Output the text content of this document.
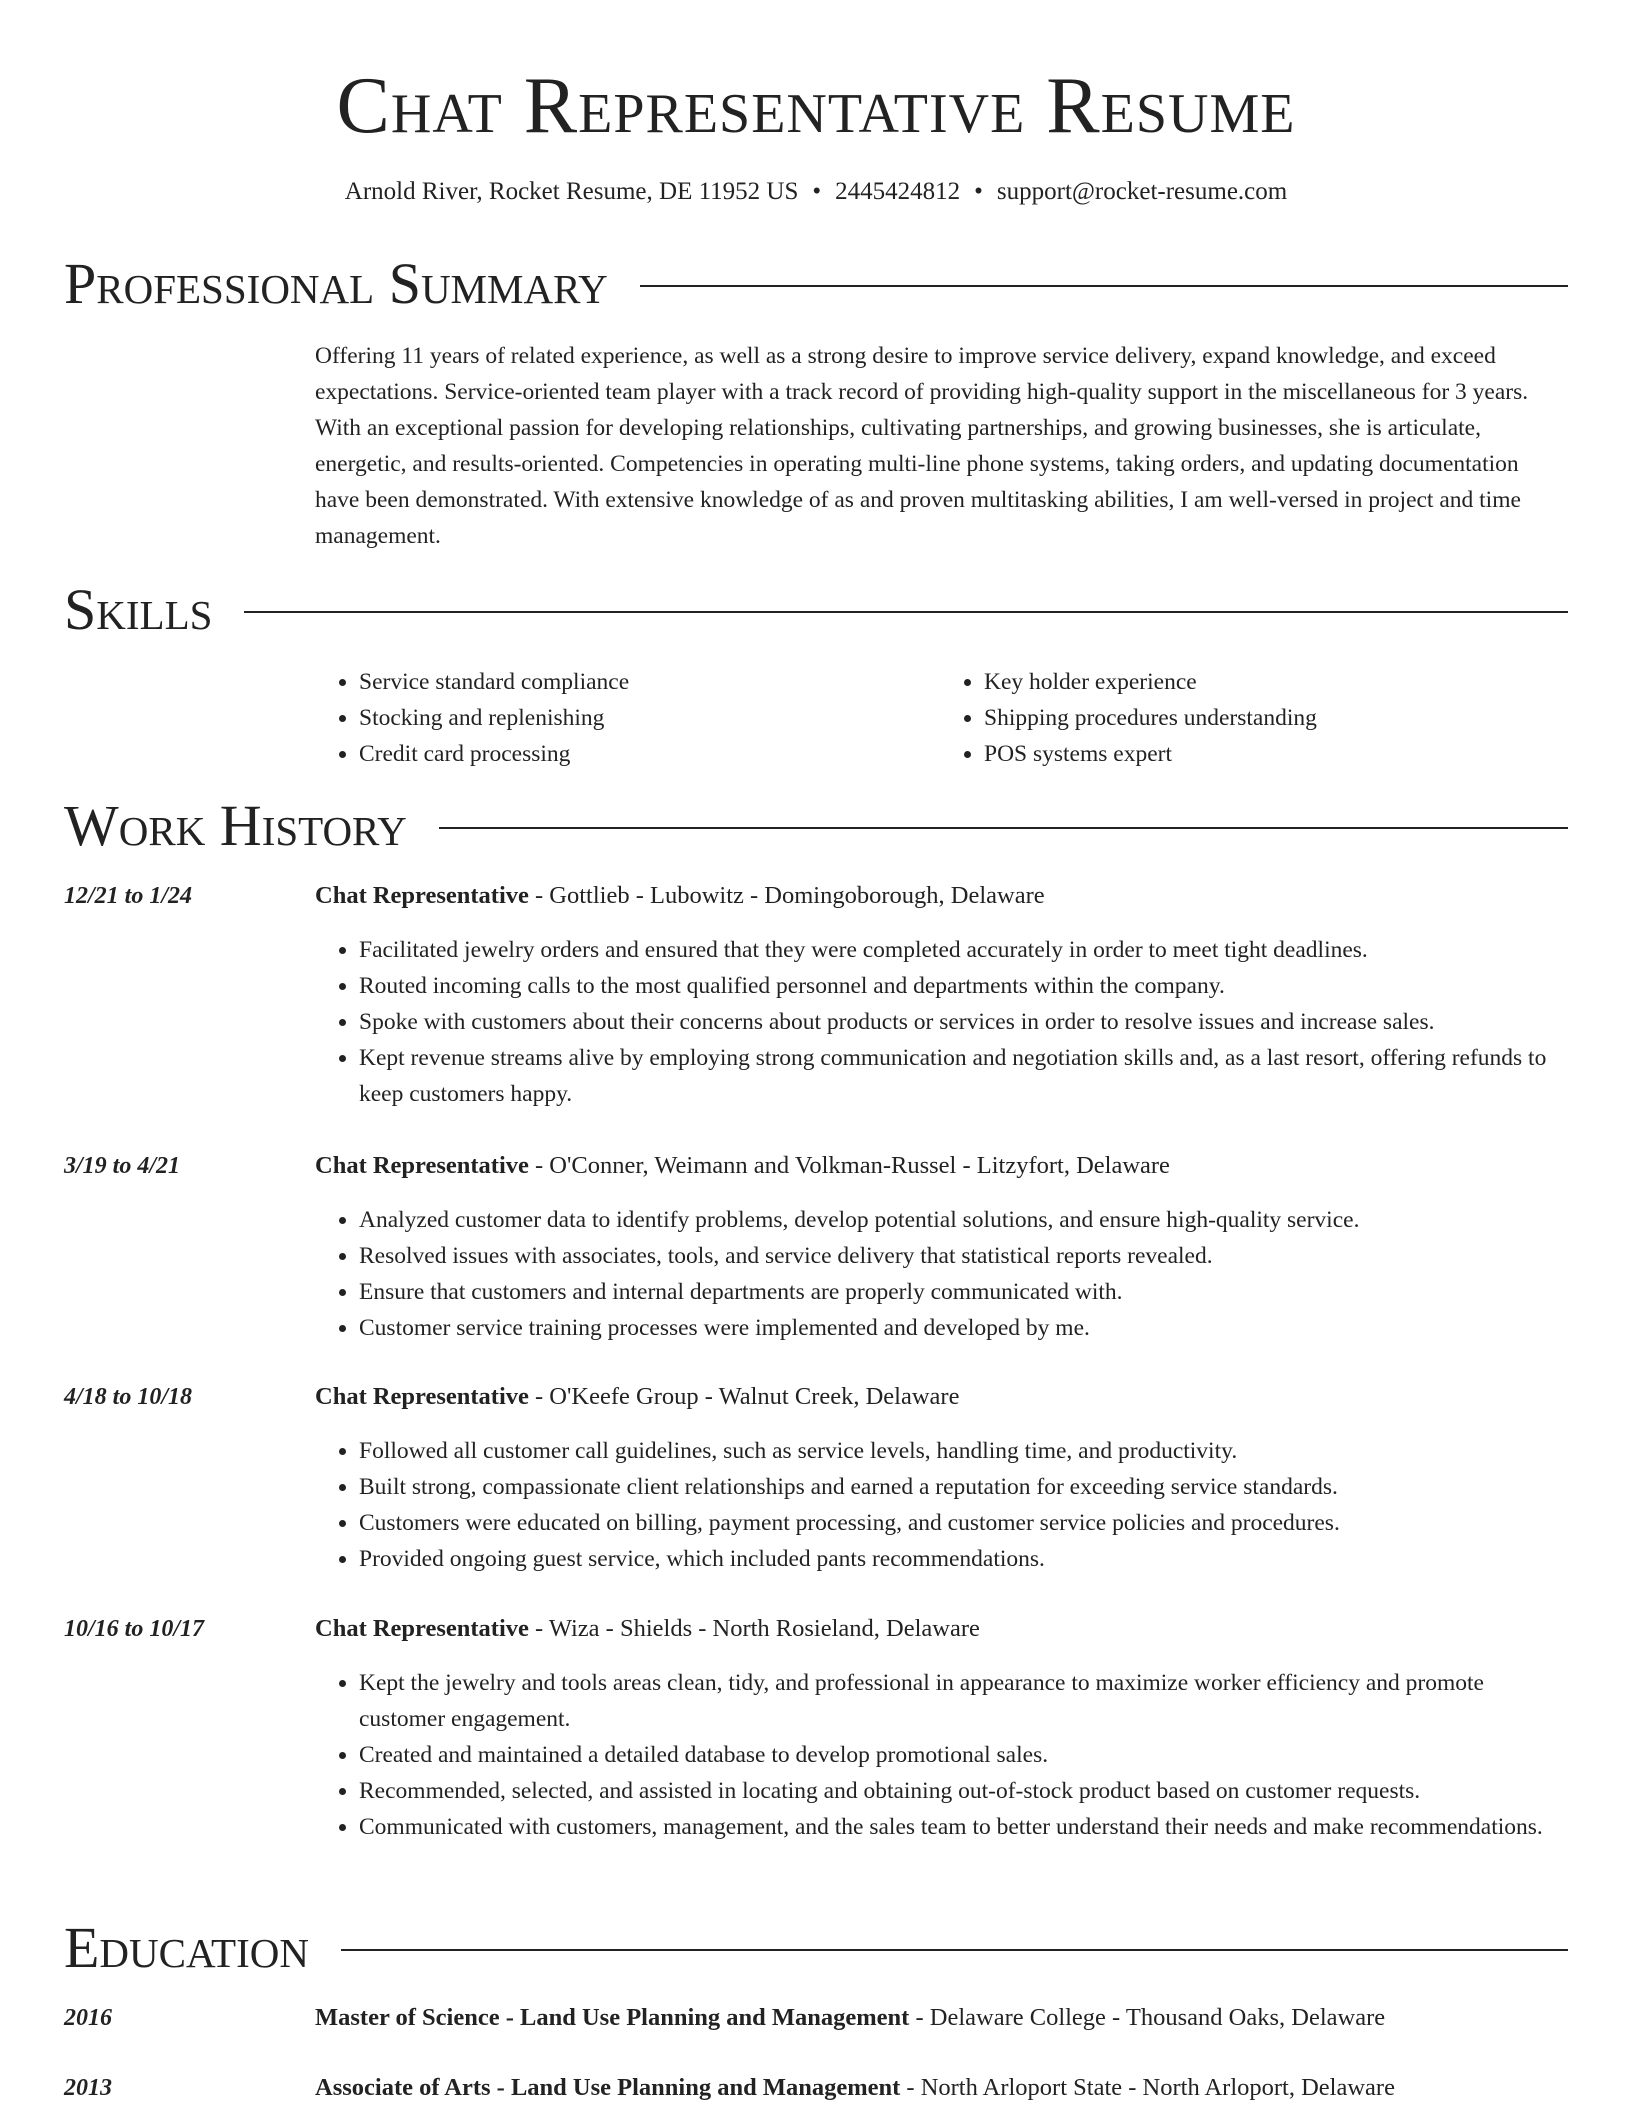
Chat Representative Resume
Arnold River, Rocket Resume, DE 11952 US • 2445424812 • support@rocket-resume.com
Professional Summary

Offering 11 years of related experience, as well as a strong desire to improve service delivery, expand knowledge, and exceed expectations. Service-oriented team player with a track record of providing high-quality support in the miscellaneous for 3 years. With an exceptional passion for developing relationships, cultivating partnerships, and growing businesses, she is articulate, energetic, and results-oriented. Competencies in operating multi-line phone systems, taking orders, and updating documentation have been demonstrated. With extensive knowledge of as and proven multitasking abilities, I am well-versed in project and time management.

Skills
• Service standard compliance
• Stocking and replenishing
• Credit card processing
• Key holder experience
• Shipping procedures understanding
• POS systems expert
Work History
12/21 to 1/24	Chat Representative - Gottlieb - Lubowitz - Domingoborough, Delaware
• Facilitated jewelry orders and ensured that they were completed accurately in order to meet tight deadlines.
• Routed incoming calls to the most qualified personnel and departments within the company.
• Spoke with customers about their concerns about products or services in order to resolve issues and increase sales.
• Kept revenue streams alive by employing strong communication and negotiation skills and, as a last resort, offering refunds to keep customers happy.
3/19 to 4/21	Chat Representative - O'Conner, Weimann and Volkman-Russel - Litzyfort, Delaware
• Analyzed customer data to identify problems, develop potential solutions, and ensure high-quality service.
• Resolved issues with associates, tools, and service delivery that statistical reports revealed.
• Ensure that customers and internal departments are properly communicated with.
• Customer service training processes were implemented and developed by me.
4/18 to 10/18	Chat Representative - O'Keefe Group - Walnut Creek, Delaware
• Followed all customer call guidelines, such as service levels, handling time, and productivity.
• Built strong, compassionate client relationships and earned a reputation for exceeding service standards.
• Customers were educated on billing, payment processing, and customer service policies and procedures.
• Provided ongoing guest service, which included pants recommendations.
10/16 to 10/17	Chat Representative - Wiza - Shields - North Rosieland, Delaware
• Kept the jewelry and tools areas clean, tidy, and professional in appearance to maximize worker efficiency and promote customer engagement.
• Created and maintained a detailed database to develop promotional sales.
• Recommended, selected, and assisted in locating and obtaining out-of-stock product based on customer requests.
• Communicated with customers, management, and the sales team to better understand their needs and make recommendations.
Education
2016	Master of Science - Land Use Planning and Management - Delaware College - Thousand Oaks, Delaware
2013	Associate of Arts - Land Use Planning and Management - North Arloport State - North Arloport, Delaware
